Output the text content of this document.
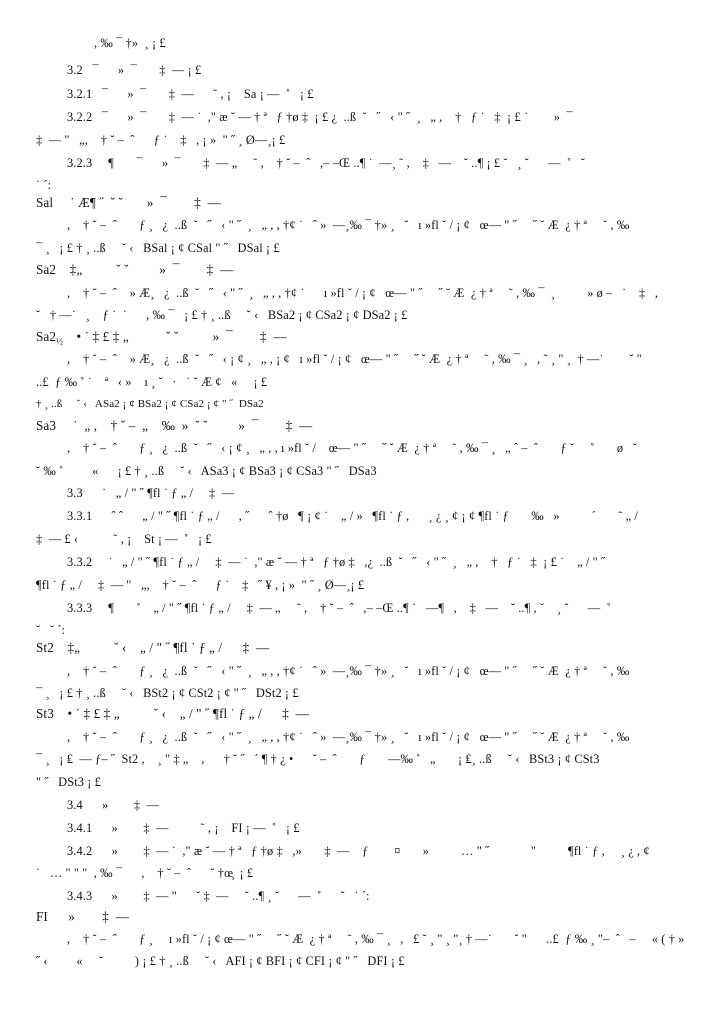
, ‰ ¯ †»  ¸ ¡ £
3.2   ¯      »  ¯       ‡  — ¡ £
3.2.1   ¯      »  ¯       ‡  —      ˜ , ¡    Sa ¡ —  ˚   ¡ £
3.2.2   ¯      »  ¯       ‡  — ˙  ," æ ˘ — † ª   ƒ †ø ‡  ¡ £ ¿  ..ß  ˘   ˝   ‹ " ˝  ¸   „ ,    †   ƒ ˙   ‡  ¡ £ ˙        »  ¯
‡  — "   „,    † ˘ –  ˆ      ƒ ˙    ‡   , ¡ »  " ˝ ¸ Ø—¸¡ £
3.2.3     ¶       ¯      »  ¯       ‡  — „     ˜ ,    † ˘ –  ˆ   ,– –Œ ..¶ ˙  —¸ ˜ ,    ‡   —    ˘ ..¶ ¡ £ ˘   ¸ ˘      —  ˚   ˘
˙ ´:
Sal     ˙ Æ¶ ˝  ˘ ˘       »  ¯        ‡  —
,    † ˘ –  ˆ       ƒ ¸   ¿  ..ß  ˘   ˝   ‹ " ˝  ¸   „ , , †¢ ˙   ˆ »  —¸‰ ¯ †» ¸   ˘   ı »fl ˘ / ¡ ¢   œ— " ˝     ˝ ˘ Æ  ¿ † ª     ˜ , ‰
¯ ¸   ¡ £ † ¸ ..ß     ˘ ‹   BSal ¡ ¢ CSal " ˝   DSal ¡ £
Sa2    ‡„          ˘ ˘         »  ¯        ‡  —
,    † ˘ –  ˆ    » Æ¸   ¿  ..ß  ˘   ˝   ‹ " ˝  ¸   „ , , †¢ ˙      ı »fl ˘ / ¡ ¢   œ— " ˝     ˝ ˘ Æ  ¿ † ª     ˜ , ‰ ¯  ¸          » ø –   ˙    ‡   ,
˘   † —˙   ¸    ƒ ˙  ˙      , ‰ ¯   ¡ £ † ¸ ..ß     ˘ ‹   BSa2 ¡ ¢ CSa2 ¡ ¢ DSa2 ¡ £
$Sa2_{\frac{1}{2}}$    • ˙ ‡ £ ‡ „           ˘ ˘          »  ¯        ‡  —
,    † ˘ –  ˆ    » Æ¸   ¿  ..ß  ˘   ˝   ‹ ¡ ¢ ¸   „ , ¡ ¢   ı »fl ˘ / ¡ ¢   œ— " ˝     ˝ ˘ Æ  ¿ † ª     ˜ , ‰ ¯ ¸   , ˜ ¸ " ¸  † —˙        ˘ "
..£  ƒ ‰ ˚ ˙    ª   ‹ »    ı ¸ ˘   ·   ˙ ˘ Æ ¢   «     ¡ £
† ¸ ..ß     ˘ ‹   ASa2 ¡ ¢ BSa2 ¡ ¢ CSa2 ¡ ¢ " ˝  DSa2
Sa3     ˙  „ ,    † ˘ –  „    ‰  »  ˘ ˘         »  ¯        ‡  —
,    † ˘ –  ˆ       ƒ ¸   ¿  ..ß  ˘   ˝   ‹ ¡ ¢ ¸   „ , , ı »fl ˘ /    œ— " ˝     ˝ ˘ Æ  ¿ † ª     ˜ , ‰ ¯ ¸   „ ˆ –  ˆ       ƒ ˘     ˚       ø   ˘
˘ ‰ ˚         «      ¡ £ † ¸ ..ß     ˘ ‹   ASa3 ¡ ¢ BSa3 ¡ ¢ CSa3 " ˝   DSa3
3.3      ˙   „ / " ˝ ¶fl ˙ ƒ „ /     ‡  —
3.3.1      ˆ ˆ      „ / " ˝ ¶fl ˙ ƒ „ /      , ˝      ˆ †ø   ¶ ¡ ¢ ˙    „ / »   ¶fl ˙ ƒ ,      ¸ ¿ ¸ ¢ ¡ ¢ ¶fl ˙ ƒ       ‰   »          ´       ˜ „ /
‡  — £ ‹           ˜ , ¡    St ¡ —  ˚   ¡ £
3.3.2     ˙   „ / " ˝ ¶fl ˙ ƒ „ /     ‡  — ˙  ," æ ˘ — † ª   ƒ †ø ‡   ,¿  ..ß  ˘   ˝   ‹ " ˝  ¸   „ ,    †   ƒ ˙   ‡  ¡ £ ˙    „ / " ˝
¶fl ˙ ƒ „ /     ‡  — "   „,    † ˘ –  ˆ      ƒ ˙    ‡   ˝ ¥ , ¡ »  " ˝ ¸ Ø—¸¡ £
3.3.3     ¶       ˚    „ / " ˝ ¶fl ˙ ƒ „ /     ‡  — „     ˜ ,    † ˘ –  ˆ   ,– –Œ ..¶ ˙   —¶   ,    ‡   —    ˘ ..¶ , ˘    ¸ ˘      —  ˚
˘   ˘ ´:
St2    ‡„          ˘ ‹    „ / " ˝ ¶fl ˙ ƒ „ /      ‡  —
,    † ˘ –  ˆ       ƒ ¸   ¿  ..ß  ˘   ˝   ‹ " ˝  ¸   „ , , †¢ ˙   ˆ »  —¸‰ ¯ †» ¸   ˘   ı »fl ˘ / ¡ ¢   œ— " ˝     ˝ ˘ Æ  ¿ † ª     ˜ , ‰
¯ ¸   ¡ £ † ¸ ..ß     ˘ ‹   BSt2 ¡ ¢ CSt2 ¡ ¢ " ˝   DSt2 ¡ £
St3    • ˙ ‡ £ ‡ „          ˘ ‹    „ / " ˝ ¶fl ˙ ƒ „ /      ‡  —
,    † ˘ –  ˆ       ƒ ¸   ¿  ..ß  ˘   ˝   ‹ " ˝  ¸   „ , , †¢ ˙   ˆ »  —¸‰ ¯ †» ¸   ˘   ı »fl ˘ / ¡ ¢   œ— " ˝     ˝ ˘ Æ  ¿ † ª     ˜ , ‰
¯ ¸   ¡ ₤  — ƒ– ˝  St2 ,    ¸ " ‡ „    ,      † ˘ ˝   ´ ¶ † ¿ •      ˘ –  ˆ       ƒ       —‰ ˚   „       ¡ ₤¸ ..ß     ˘ ‹   BSt3 ¡ ¢ CSt3
" ˝   DSt3 ¡ £
3.4      »        ‡  —
3.4.1      »        ‡  —          ˜ , ¡    FI ¡ —  ˚   ¡ £
3.4.2      »        ‡  — ˙  ," æ ˘ — † ª   ƒ †ø ‡   ,»       ‡  —    ƒ        ¤       »          … " ˝             "          ¶fl ˙ ƒ ,     ¸ ¿ , ¢
˙   … " " "  , ‰ ¯      ,    † ˘ –  ˆ      ˘ †œ̧  ¡ £
3.4.3      »        ‡  — "      ˘ ‡  —     ˘ ..¶ ¸ ˘      —  ˚      ˘   ˙ ´:
FI      »        ‡  —
,    † ˘ –  ˆ       ƒ ¸     ı »fl ˘ / ¡ ¢ œ— " ˝     ˝ ˘ Æ  ¿ † ª     ˜ , ‰ ¯ ¸   ,   £ ˘ ¸ " ¸ "¸ † —˙       ˘ "      ..£  ƒ ‰ ¸ "–  ˆ   –     « ( † »
˝ ‹         «     ˘          ) ¡ £ † ¸ ..ß     ˘ ‹   AFI ¡ ¢ BFI ¡ ¢ CFI ¡ ¢ " ˝   DFI ¡ £
